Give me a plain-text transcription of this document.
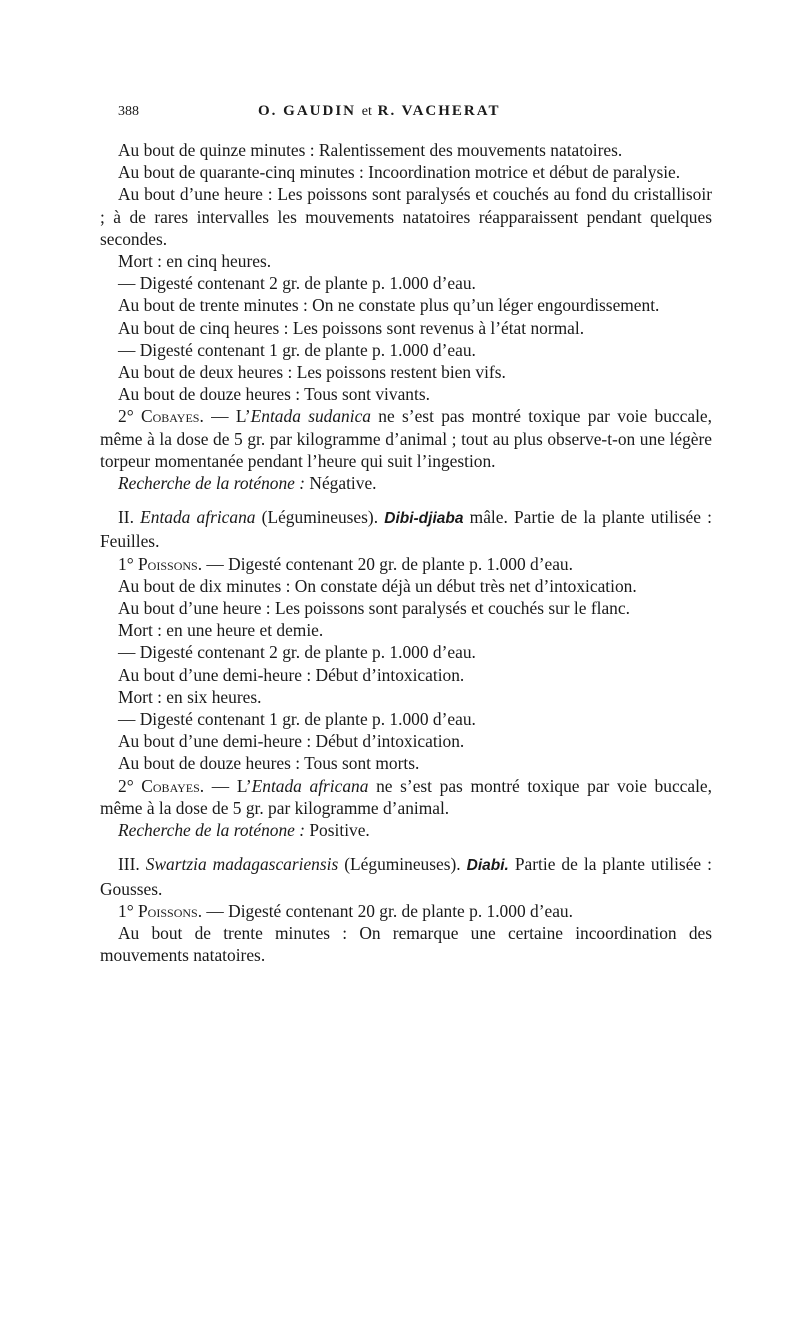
388	O. GAUDIN et R. VACHERAT

Au bout de quinze minutes : Ralentissement des mouvements natatoires.

Au bout de quarante-cinq minutes : Incoordination motrice et début de paralysie.

Au bout d’une heure : Les poissons sont paralysés et couchés au fond du cristallisoir ; à de rares intervalles les mouvements natatoires réapparaissent pendant quelques secondes.

Mort : en cinq heures.

— Digesté contenant 2 gr. de plante p. 1.000 d’eau.

Au bout de trente minutes : On ne constate plus qu’un léger engourdissement.

Au bout de cinq heures : Les poissons sont revenus à l’état normal.

— Digesté contenant 1 gr. de plante p. 1.000 d’eau.

Au bout de deux heures : Les poissons restent bien vifs.

Au bout de douze heures : Tous sont vivants.

2° Cobayes. — L’Entada sudanica ne s’est pas montré toxique par voie buccale, même à la dose de 5 gr. par kilogramme d’animal ; tout au plus observe-t-on une légère torpeur momentanée pendant l’heure qui suit l’ingestion.

Recherche de la roténone : Négative.

II. Entada africana (Légumineuses). Dibi-djiaba mâle. Partie de la plante utilisée : Feuilles.

1° Poissons. — Digesté contenant 20 gr. de plante p. 1.000 d’eau.

Au bout de dix minutes : On constate déjà un début très net d’intoxication.

Au bout d’une heure : Les poissons sont paralysés et couchés sur le flanc.

Mort : en une heure et demie.

— Digesté contenant 2 gr. de plante p. 1.000 d’eau.

Au bout d’une demi-heure : Début d’intoxication.

Mort : en six heures.

— Digesté contenant 1 gr. de plante p. 1.000 d’eau.

Au bout d’une demi-heure : Début d’intoxication.

Au bout de douze heures : Tous sont morts.

2° Cobayes. — L’Entada africana ne s’est pas montré toxique par voie buccale, même à la dose de 5 gr. par kilogramme d’animal.

Recherche de la roténone : Positive.

III. Swartzia madagascariensis (Légumineuses). Diabi. Partie de la plante utilisée : Gousses.

1° Poissons. — Digesté contenant 20 gr. de plante p. 1.000 d’eau.

Au bout de trente minutes : On remarque une certaine incoordination des mouvements natatoires.
